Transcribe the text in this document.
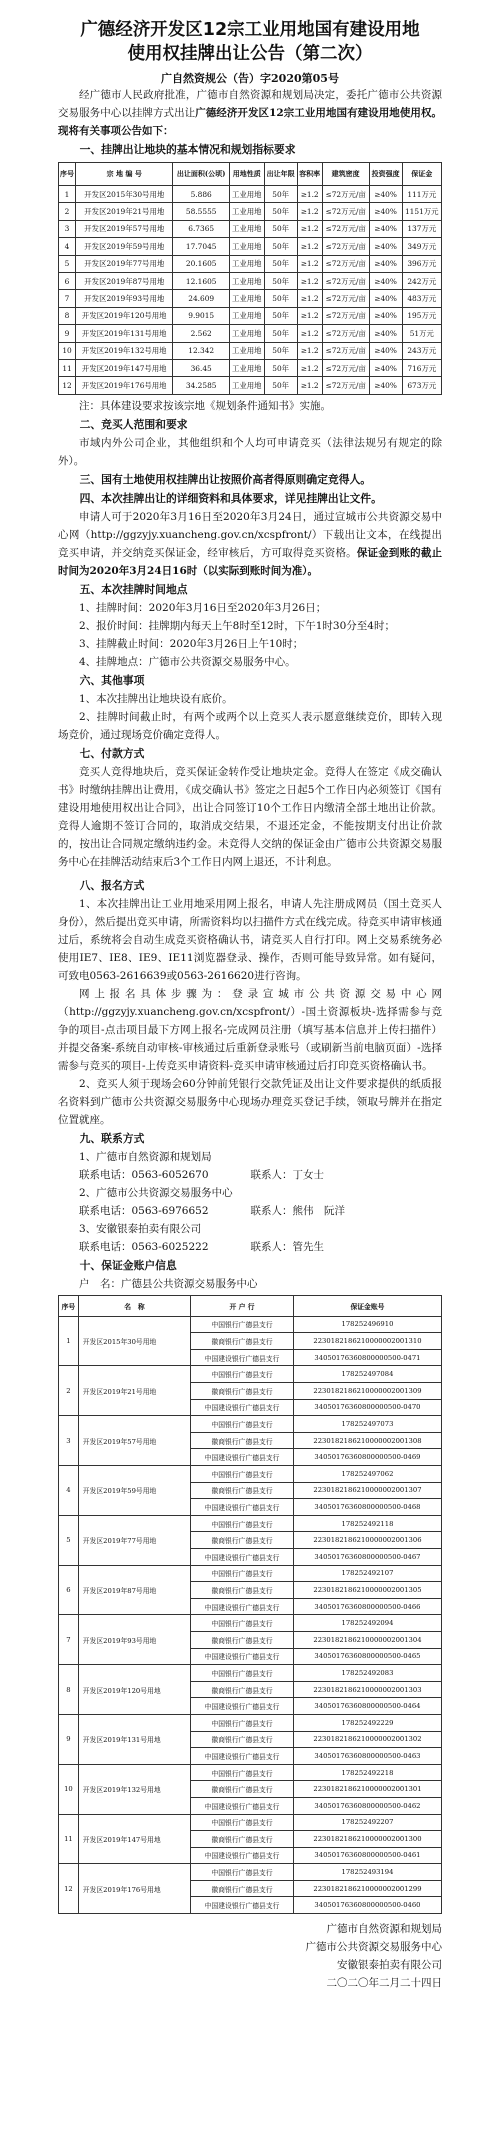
广德经济开发区12宗工业用地国有建设用地
使用权挂牌出让公告（第二次）
广自然资规公（告）字2020第05号

经广德市人民政府批准，广德市自然资源和规划局决定，委托广德市公共资源交易服务中心以挂牌方式出让广德经济开发区12宗工业用地国有建设用地使用权。现将有关事项公告如下：

一、挂牌出让地块的基本情况和规划指标要求

序号	宗 地 编 号	出让面积(公顷)	用地性质	出让年限	容积率	建筑密度	投资强度	保证金
1	开发区2015年30号用地	5.886	工业用地	50年	≥1.2	≤72万元/亩	≥40%	111万元
2	开发区2019年21号用地	58.5555	工业用地	50年	≥1.2	≤72万元/亩	≥40%	1151万元
3	开发区2019年57号用地	6.7365	工业用地	50年	≥1.2	≤72万元/亩	≥40%	137万元
4	开发区2019年59号用地	17.7045	工业用地	50年	≥1.2	≤72万元/亩	≥40%	349万元
5	开发区2019年77号用地	20.1605	工业用地	50年	≥1.2	≤72万元/亩	≥40%	396万元
6	开发区2019年87号用地	12.1605	工业用地	50年	≥1.2	≤72万元/亩	≥40%	242万元
7	开发区2019年93号用地	24.609	工业用地	50年	≥1.2	≤72万元/亩	≥40%	483万元
8	开发区2019年120号用地	9.9015	工业用地	50年	≥1.2	≤72万元/亩	≥40%	195万元
9	开发区2019年131号用地	2.562	工业用地	50年	≥1.2	≤72万元/亩	≥40%	51万元
10	开发区2019年132号用地	12.342	工业用地	50年	≥1.2	≤72万元/亩	≥40%	243万元
11	开发区2019年147号用地	36.45	工业用地	50年	≥1.2	≤72万元/亩	≥40%	716万元
12	开发区2019年176号用地	34.2585	工业用地	50年	≥1.2	≤72万元/亩	≥40%	673万元

注：具体建设要求按该宗地《规划条件通知书》实施。

二、竞买人范围和要求

市域内外公司企业，其他组织和个人均可申请竞买（法律法规另有规定的除外）。

三、国有土地使用权挂牌出让按照价高者得原则确定竞得人。

四、本次挂牌出让的详细资料和具体要求，详见挂牌出让文件。

申请人可于2020年3月16日至2020年3月24日，通过宣城市公共资源交易中心网（http://ggzyjy.xuancheng.gov.cn/xcspfront/）下载出让文本，在线提出竞买申请，并交纳竞买保证金，经审核后，方可取得竞买资格。保证金到账的截止时间为2020年3月24日16时（以实际到账时间为准）。

五、本次挂牌时间地点

1、挂牌时间：2020年3月16日至2020年3月26日；

2、报价时间：挂牌期内每天上午8时至12时，下午1时30分至4时；

3、挂牌截止时间：2020年3月26日上午10时；

4、挂牌地点：广德市公共资源交易服务中心。

六、其他事项

1、本次挂牌出让地块设有底价。

2、挂牌时间截止时，有两个或两个以上竞买人表示愿意继续竞价，即转入现场竞价，通过现场竞价确定竞得人。

七、付款方式

竞买人竞得地块后，竞买保证金转作受让地块定金。竞得人在签定《成交确认书》时缴纳挂牌出让费用，《成交确认书》签定之日起5个工作日内必须签订《国有建设用地使用权出让合同》，出让合同签订10个工作日内缴清全部土地出让价款。竞得人逾期不签订合同的，取消成交结果，不退还定金，不能按期支付出让价款的，按出让合同规定缴纳违约金。未竞得人交纳的保证金由广德市公共资源交易服务中心在挂牌活动结束后3个工作日内网上退还，不计利息。

八、报名方式

1、本次挂牌出让工业用地采用网上报名，申请人先注册成网员（国土竞买人身份），然后提出竞买申请，所需资料均以扫描件方式在线完成。待竞买申请审核通过后，系统将会自动生成竞买资格确认书，请竞买人自行打印。网上交易系统务必使用IE7、IE8、IE9、IE11浏览器登录、操作，否则可能导致异常。如有疑问，可致电0563-2616639或0563-2616620进行咨询。

网上报名具体步骤为：登录宣城市公共资源交易中心网（http://ggzyjy.xuancheng.gov.cn/xcspfront/）-国土资源板块-选择需参与竞争的项目-点击项目最下方网上报名-完成网员注册（填写基本信息并上传扫描件）并提交备案-系统自动审核-审核通过后重新登录账号（或刷新当前电脑页面）-选择需参与竞买的项目-上传竞买申请资料-竞买申请审核通过后打印竞买资格确认书。

2、竞买人须于现场会60分钟前凭银行交款凭证及出让文件要求提供的纸质报名资料到广德市公共资源交易服务中心现场办理竞买登记手续，领取号牌并在指定位置就座。

九、联系方式

1、广德市自然资源和规划局

联系电话：0563-6052670	联系人：丁女士

2、广德市公共资源交易服务中心

联系电话：0563-6976652	联系人：熊伟　阮洋

3、安徽银泰拍卖有限公司

联系电话：0563-6025222	联系人：管先生

十、保证金账户信息

户　名：广德县公共资源交易服务中心

序号	名　称	开 户 行	保证金账号
1	开发区2015年30号用地	中国银行广德县支行	178252496910
		徽商银行广德县支行	2230182186210000002001310
		中国建设银行广德县支行	34050176360800000500-0471
2	开发区2019年21号用地	中国银行广德县支行	178252497084
		徽商银行广德县支行	2230182186210000002001309
		中国建设银行广德县支行	34050176360800000500-0470
3	开发区2019年57号用地	中国银行广德县支行	178252497073
		徽商银行广德县支行	2230182186210000002001308
		中国建设银行广德县支行	34050176360800000500-0469
4	开发区2019年59号用地	中国银行广德县支行	178252497062
		徽商银行广德县支行	2230182186210000002001307
		中国建设银行广德县支行	34050176360800000500-0468
5	开发区2019年77号用地	中国银行广德县支行	178252492118
		徽商银行广德县支行	2230182186210000002001306
		中国建设银行广德县支行	34050176360800000500-0467
6	开发区2019年87号用地	中国银行广德县支行	178252492107
		徽商银行广德县支行	2230182186210000002001305
		中国建设银行广德县支行	34050176360800000500-0466
7	开发区2019年93号用地	中国银行广德县支行	178252492094
		徽商银行广德县支行	2230182186210000002001304
		中国建设银行广德县支行	34050176360800000500-0465
8	开发区2019年120号用地	中国银行广德县支行	178252492083
		徽商银行广德县支行	2230182186210000002001303
		中国建设银行广德县支行	34050176360800000500-0464
9	开发区2019年131号用地	中国银行广德县支行	178252492229
		徽商银行广德县支行	2230182186210000002001302
		中国建设银行广德县支行	34050176360800000500-0463
10	开发区2019年132号用地	中国银行广德县支行	178252492218
		徽商银行广德县支行	2230182186210000002001301
		中国建设银行广德县支行	34050176360800000500-0462
11	开发区2019年147号用地	中国银行广德县支行	178252492207
		徽商银行广德县支行	2230182186210000002001300
		中国建设银行广德县支行	34050176360800000500-0461
12	开发区2019年176号用地	中国银行广德县支行	178252493194
		徽商银行广德县支行	2230182186210000002001299
		中国建设银行广德县支行	34050176360800000500-0460
广德市自然资源和规划局
广德市公共资源交易服务中心
安徽银泰拍卖有限公司
二〇二〇年二月二十四日
